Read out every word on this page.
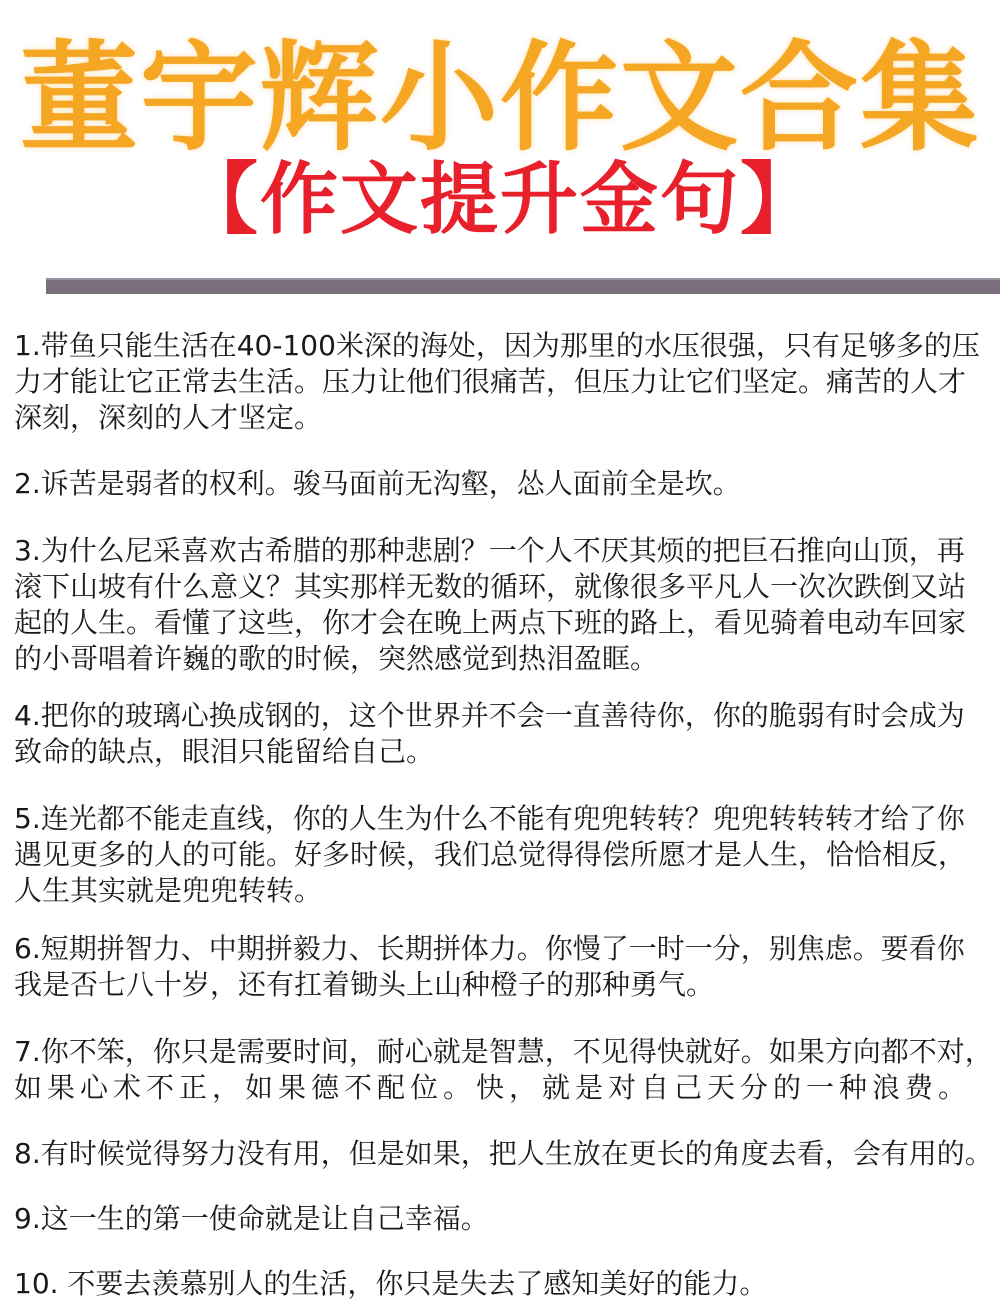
董宇辉小作文合集
【作文提升金句】

1.带鱼只能生活在40-100米深的海处，因为那里的水压很强，只有足够多的压
力才能让它正常去生活。压力让他们很痛苦，但压力让它们坚定。痛苦的人才
深刻，深刻的人才坚定。

2.诉苦是弱者的权利。骏马面前无沟壑，怂人面前全是坎。

3.为什么尼采喜欢古希腊的那种悲剧？一个人不厌其烦的把巨石推向山顶，再
滚下山坡有什么意义？其实那样无数的循环，就像很多平凡人一次次跌倒又站
起的人生。看懂了这些，你才会在晚上两点下班的路上，看见骑着电动车回家
的小哥唱着许巍的歌的时候，突然感觉到热泪盈眶。

4.把你的玻璃心换成钢的，这个世界并不会一直善待你，你的脆弱有时会成为
致命的缺点，眼泪只能留给自己。

5.连光都不能走直线，你的人生为什么不能有兜兜转转？兜兜转转转才给了你
遇见更多的人的可能。好多时候，我们总觉得得偿所愿才是人生，恰恰相反，
人生其实就是兜兜转转。

6.短期拼智力、中期拼毅力、长期拼体力。你慢了一时一分，别焦虑。要看你
我是否七八十岁，还有扛着锄头上山种橙子的那种勇气。

7.你不笨，你只是需要时间，耐心就是智慧，不见得快就好。如果方向都不对，

如果心术不正，如果德不配位。快，就是对自己天分的一种浪费。

8.有时候觉得努力没有用，但是如果，把人生放在更长的角度去看，会有用的。

9.这一生的第一使命就是让自己幸福。

10. 不要去羡慕别人的生活，你只是失去了感知美好的能力。
